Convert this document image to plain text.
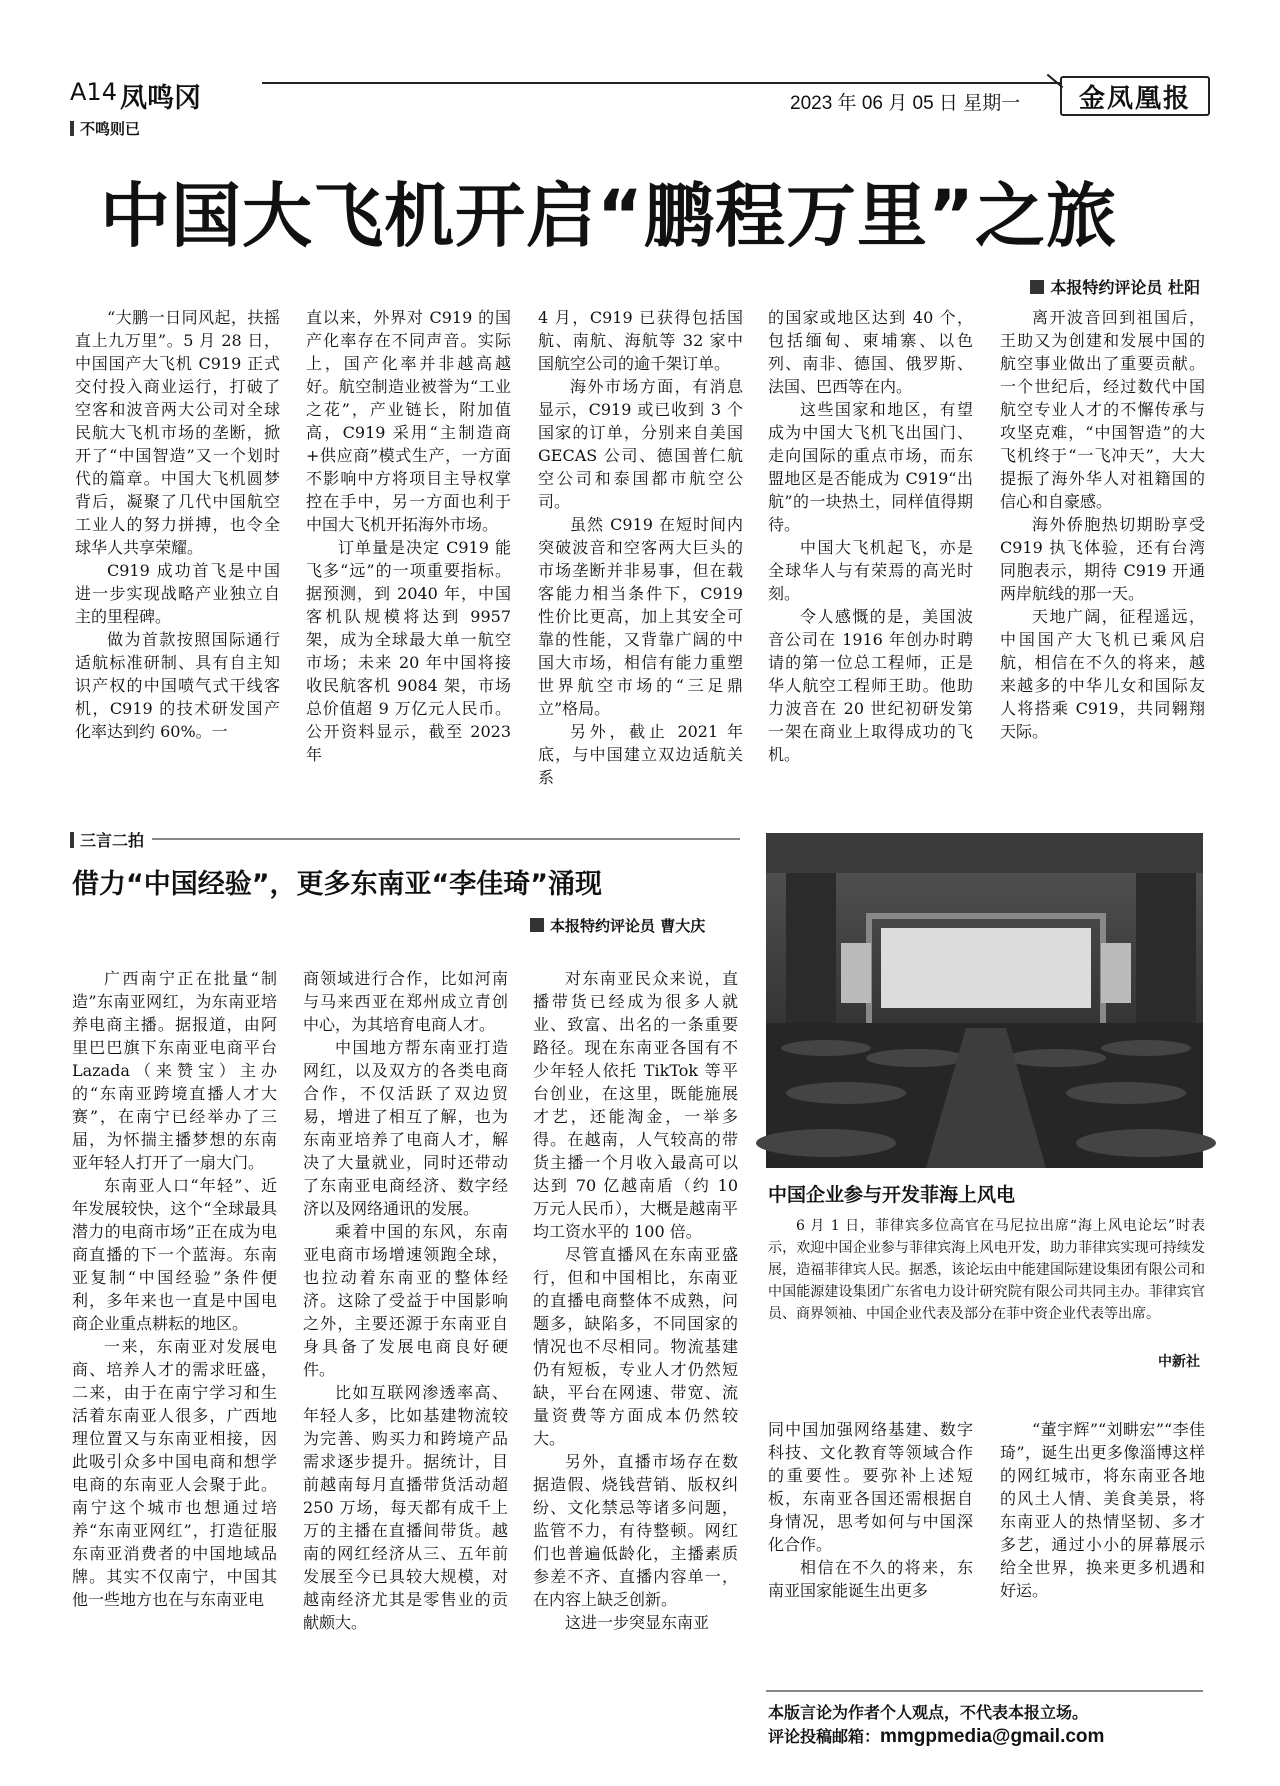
A14 凤鸣冈
不鸣则已
2023 年 06 月 05 日 星期一	金凤凰报
中国大飞机开启“鹏程万里”之旅
本报特约评论员 杜阳

“大鹏一日同风起，扶摇直上九万里”。5 月 28 日，中国国产大飞机 C919 正式交付投入商业运行，打破了空客和波音两大公司对全球民航大飞机市场的垄断，掀开了“中国智造”又一个划时代的篇章。中国大飞机圆梦背后，凝聚了几代中国航空工业人的努力拼搏，也令全球华人共享荣耀。

C919 成功首飞是中国进一步实现战略产业独立自主的里程碑。

做为首款按照国际通行适航标准研制、具有自主知识产权的中国喷气式干线客机，C919 的技术研发国产化率达到约 60%。一

直以来，外界对 C919 的国产化率存在不同声音。实际上，国产化率并非越高越好。航空制造业被誉为“工业之花”，产业链长，附加值高，C919 采用“主制造商+供应商”模式生产，一方面不影响中方将项目主导权掌控在手中，另一方面也利于中国大飞机开拓海外市场。

订单量是决定 C919 能飞多“远”的一项重要指标。据预测，到 2040 年，中国客机队规模将达到 9957 架，成为全球最大单一航空市场；未来 20 年中国将接收民航客机 9084 架，市场总价值超 9 万亿元人民币。公开资料显示，截至 2023 年

4 月，C919 已获得包括国航、南航、海航等 32 家中国航空公司的逾千架订单。

海外市场方面，有消息显示，C919 或已收到 3 个国家的订单，分别来自美国 GECAS 公司、德国普仁航空公司和泰国都市航空公司。

虽然 C919 在短时间内突破波音和空客两大巨头的市场垄断并非易事，但在载客能力相当条件下，C919 性价比更高，加上其安全可靠的性能，又背靠广阔的中国大市场，相信有能力重塑世界航空市场的“三足鼎立”格局。

另外，截止 2021 年底，与中国建立双边适航关系

的国家或地区达到 40 个，包括缅甸、柬埔寨、以色列、南非、德国、俄罗斯、法国、巴西等在内。

这些国家和地区，有望成为中国大飞机飞出国门、走向国际的重点市场，而东盟地区是否能成为 C919“出航”的一块热土，同样值得期待。

中国大飞机起飞，亦是全球华人与有荣焉的高光时刻。

令人感慨的是，美国波音公司在 1916 年创办时聘请的第一位总工程师，正是华人航空工程师王助。他助力波音在 20 世纪初研发第一架在商业上取得成功的飞机。

离开波音回到祖国后，王助又为创建和发展中国的航空事业做出了重要贡献。一个世纪后，经过数代中国航空专业人才的不懈传承与攻坚克难，“中国智造”的大飞机终于“一飞冲天”，大大提振了海外华人对祖籍国的信心和自豪感。

海外侨胞热切期盼享受 C919 执飞体验，还有台湾同胞表示，期待 C919 开通两岸航线的那一天。

天地广阔，征程遥远，中国国产大飞机已乘风启航，相信在不久的将来，越来越多的中华儿女和国际友人将搭乘 C919，共同翱翔天际。

三言二拍
借力“中国经验”，更多东南亚“李佳琦”涌现
本报特约评论员 曹大庆

广西南宁正在批量“制造”东南亚网红，为东南亚培养电商主播。据报道，由阿里巴巴旗下东南亚电商平台 Lazada（来赞宝）主办的“东南亚跨境直播人才大赛”，在南宁已经举办了三届，为怀揣主播梦想的东南亚年轻人打开了一扇大门。

东南亚人口“年轻”、近年发展较快，这个“全球最具潜力的电商市场”正在成为电商直播的下一个蓝海。东南亚复制“中国经验”条件便利，多年来也一直是中国电商企业重点耕耘的地区。

一来，东南亚对发展电商、培养人才的需求旺盛，二来，由于在南宁学习和生活着东南亚人很多，广西地理位置又与东南亚相接，因此吸引众多中国电商和想学电商的东南亚人会聚于此。南宁这个城市也想通过培养“东南亚网红”，打造征服东南亚消费者的中国地域品牌。其实不仅南宁，中国其他一些地方也在与东南亚电

商领域进行合作，比如河南与马来西亚在郑州成立青创中心，为其培育电商人才。

中国地方帮东南亚打造网红，以及双方的各类电商合作，不仅活跃了双边贸易，增进了相互了解，也为东南亚培养了电商人才，解决了大量就业，同时还带动了东南亚电商经济、数字经济以及网络通讯的发展。

乘着中国的东风，东南亚电商市场增速领跑全球，也拉动着东南亚的整体经济。这除了受益于中国影响之外，主要还源于东南亚自身具备了发展电商良好硬件。

比如互联网渗透率高、年轻人多，比如基建物流较为完善、购买力和跨境产品需求逐步提升。据统计，目前越南每月直播带货活动超 250 万场，每天都有成千上万的主播在直播间带货。越南的网红经济从三、五年前发展至今已具较大规模，对越南经济尤其是零售业的贡献颇大。

对东南亚民众来说，直播带货已经成为很多人就业、致富、出名的一条重要路径。现在东南亚各国有不少年轻人依托 TikTok 等平台创业，在这里，既能施展才艺，还能淘金，一举多得。在越南，人气较高的带货主播一个月收入最高可以达到 70 亿越南盾（约 10 万元人民币），大概是越南平均工资水平的 100 倍。

尽管直播风在东南亚盛行，但和中国相比，东南亚的直播电商整体不成熟，问题多，缺陷多，不同国家的情况也不尽相同。物流基建仍有短板，专业人才仍然短缺，平台在网速、带宽、流量资费等方面成本仍然较大。

另外，直播市场存在数据造假、烧钱营销、版权纠纷、文化禁忌等诸多问题，监管不力，有待整顿。网红们也普遍低龄化，主播素质参差不齐、直播内容单一，在内容上缺乏创新。

这进一步突显东南亚

同中国加强网络基建、数字科技、文化教育等领域合作的重要性。要弥补上述短板，东南亚各国还需根据自身情况，思考如何与中国深化合作。

相信在不久的将来，东南亚国家能诞生出更多

“董宇辉”“刘畊宏”“李佳琦”，诞生出更多像淄博这样的网红城市，将东南亚各地的风土人情、美食美景，将东南亚人的热情坚韧、多才多艺，通过小小的屏幕展示给全世界，换来更多机遇和好运。

中国企业参与开发菲海上风电

6 月 1 日，菲律宾多位高官在马尼拉出席“海上风电论坛”时表示，欢迎中国企业参与菲律宾海上风电开发，助力菲律宾实现可持续发展，造福菲律宾人民。据悉，该论坛由中能建国际建设集团有限公司和中国能源建设集团广东省电力设计研究院有限公司共同主办。菲律宾官员、商界领袖、中国企业代表及部分在菲中资企业代表等出席。

中新社
本版言论为作者个人观点，不代表本报立场。
评论投稿邮箱：mmgpmedia@gmail.com
